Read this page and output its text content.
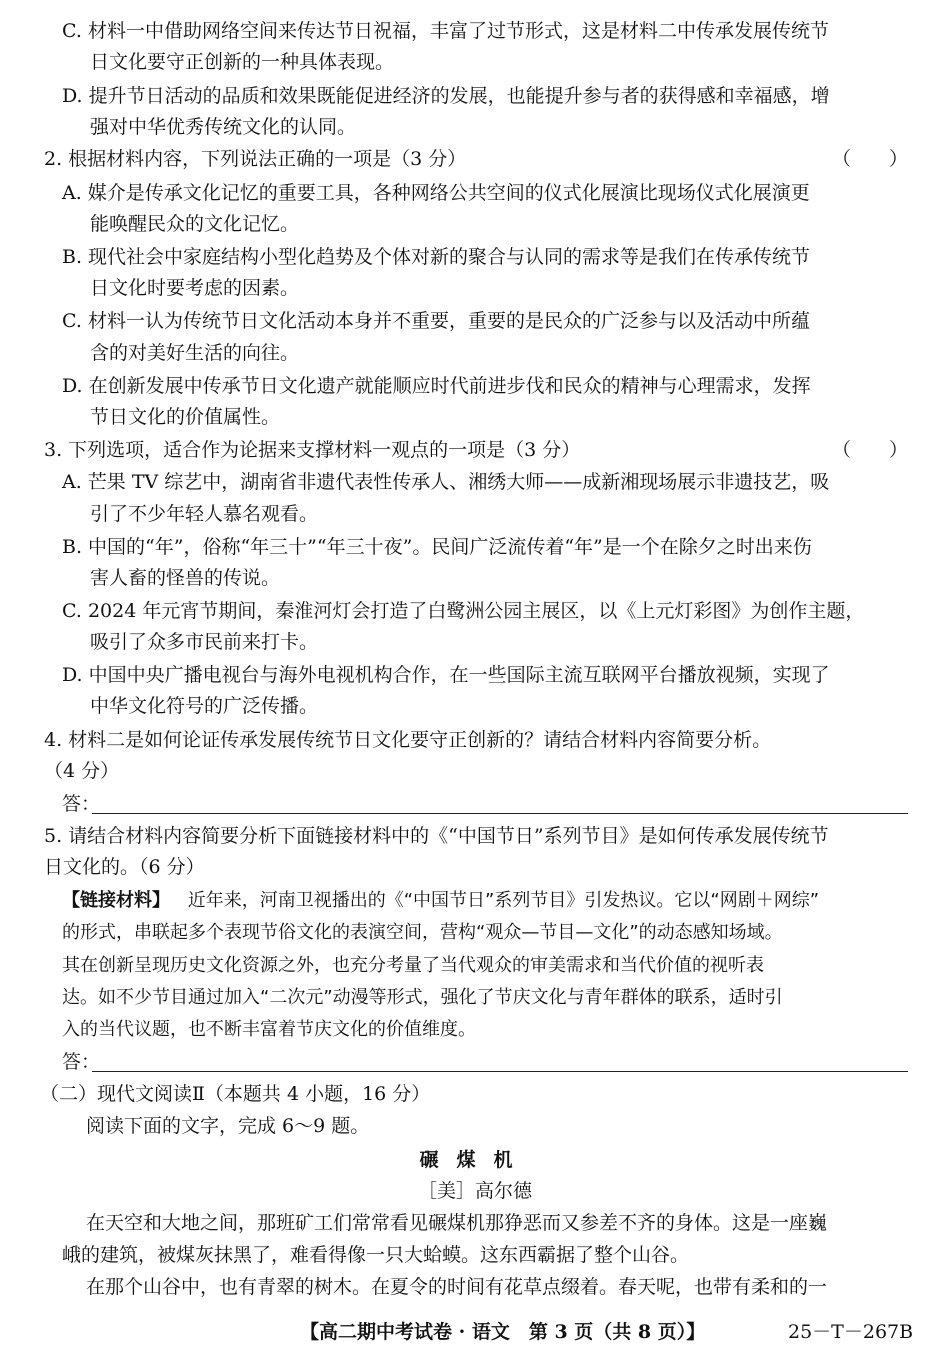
C. 材料一中借助网络空间来传达节日祝福，丰富了过节形式，这是材料二中传承发展传统节
日文化要守正创新的一种具体表现。
D. 提升节日活动的品质和效果既能促进经济的发展，也能提升参与者的获得感和幸福感，增
强对中华优秀传统文化的认同。
2. 根据材料内容，下列说法正确的一项是（3 分）	（　　）
A. 媒介是传承文化记忆的重要工具，各种网络公共空间的仪式化展演比现场仪式化展演更
能唤醒民众的文化记忆。
B. 现代社会中家庭结构小型化趋势及个体对新的聚合与认同的需求等是我们在传承传统节
日文化时要考虑的因素。
C. 材料一认为传统节日文化活动本身并不重要，重要的是民众的广泛参与以及活动中所蕴
含的对美好生活的向往。
D. 在创新发展中传承节日文化遗产就能顺应时代前进步伐和民众的精神与心理需求，发挥
节日文化的价值属性。
3. 下列选项，适合作为论据来支撑材料一观点的一项是（3 分）	（　　）
A. 芒果 TV 综艺中，湖南省非遗代表性传承人、湘绣大师——成新湘现场展示非遗技艺，吸
引了不少年轻人慕名观看。
B. 中国的“年”，俗称“年三十”“年三十夜”。民间广泛流传着“年”是一个在除夕之时出来伤
害人畜的怪兽的传说。
C. 2024 年元宵节期间，秦淮河灯会打造了白鹭洲公园主展区，以《上元灯彩图》为创作主题，
吸引了众多市民前来打卡。
D. 中国中央广播电视台与海外电视机构合作，在一些国际主流互联网平台播放视频，实现了
中华文化符号的广泛传播。
4. 材料二是如何论证传承发展传统节日文化要守正创新的？请结合材料内容简要分析。
（4 分）
答：
5. 请结合材料内容简要分析下面链接材料中的《“中国节日”系列节目》是如何传承发展传统节
日文化的。（6 分）
【链接材料】 近年来，河南卫视播出的《“中国节日”系列节目》引发热议。它以“网剧＋网综”
的形式，串联起多个表现节俗文化的表演空间，营构“观众—节目—文化”的动态感知场域。
其在创新呈现历史文化资源之外，也充分考量了当代观众的审美需求和当代价值的视听表
达。如不少节目通过加入“二次元”动漫等形式，强化了节庆文化与青年群体的联系，适时引
入的当代议题，也不断丰富着节庆文化的价值维度。
答：
（二）现代文阅读Ⅱ（本题共 4 小题，16 分）
阅读下面的文字，完成 6～9 题。
碾煤机
［美］高尔德
在天空和大地之间，那班矿工们常常看见碾煤机那狰恶而又参差不齐的身体。这是一座巍
峨的建筑，被煤灰抹黑了，难看得像一只大蛤蟆。这东西霸据了整个山谷。
在那个山谷中，也有青翠的树木。在夏令的时间有花草点缀着。春天呢，也带有柔和的一
【高二期中考试卷 · 语文　第 3 页（共 8 页）】	25－T－267B
